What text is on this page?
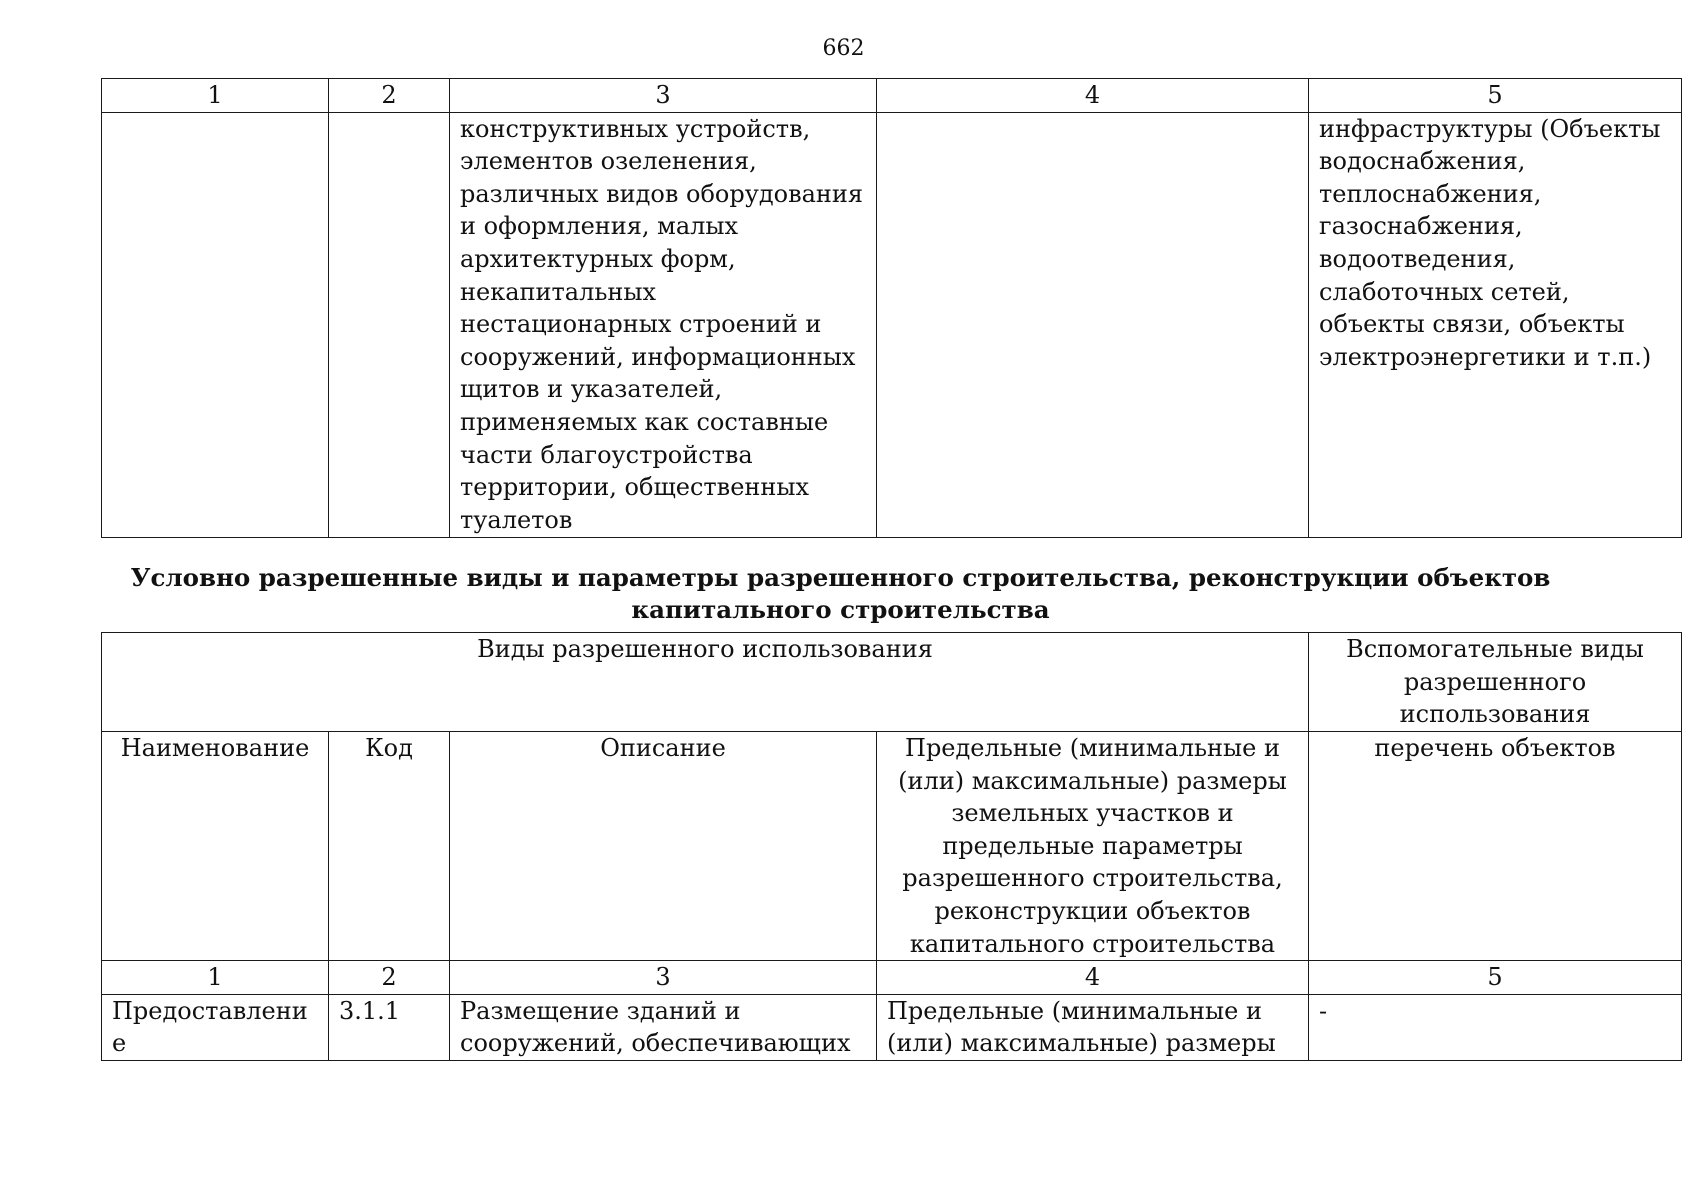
662
1	2	3	4	5
		конструктивных устройств, элементов озеленения, различных видов оборудования и оформления, малых архитектурных форм, некапитальных нестационарных строений и сооружений, информационных щитов и указателей, применяемых как составные части благоустройства территории, общественных туалетов		инфраструктуры (Объекты водоснабжения, теплоснабжения, газоснабжения, водоотведения, слаботочных сетей, объекты связи, объекты электроэнергетики и т.п.)
Условно разрешенные виды и параметры разрешенного строительства, реконструкции объектов капитального строительства
Виды разрешенного использования				Вспомогательные виды разрешенного использования
Наименование	Код	Описание	Предельные (минимальные и (или) максимальные) размеры земельных участков и предельные параметры разрешенного строительства, реконструкции объектов капитального строительства	перечень объектов
1	2	3	4	5
Предоставлени е	3.1.1	Размещение зданий и сооружений, обеспечивающих	Предельные (минимальные и (или) максимальные) размеры	-
